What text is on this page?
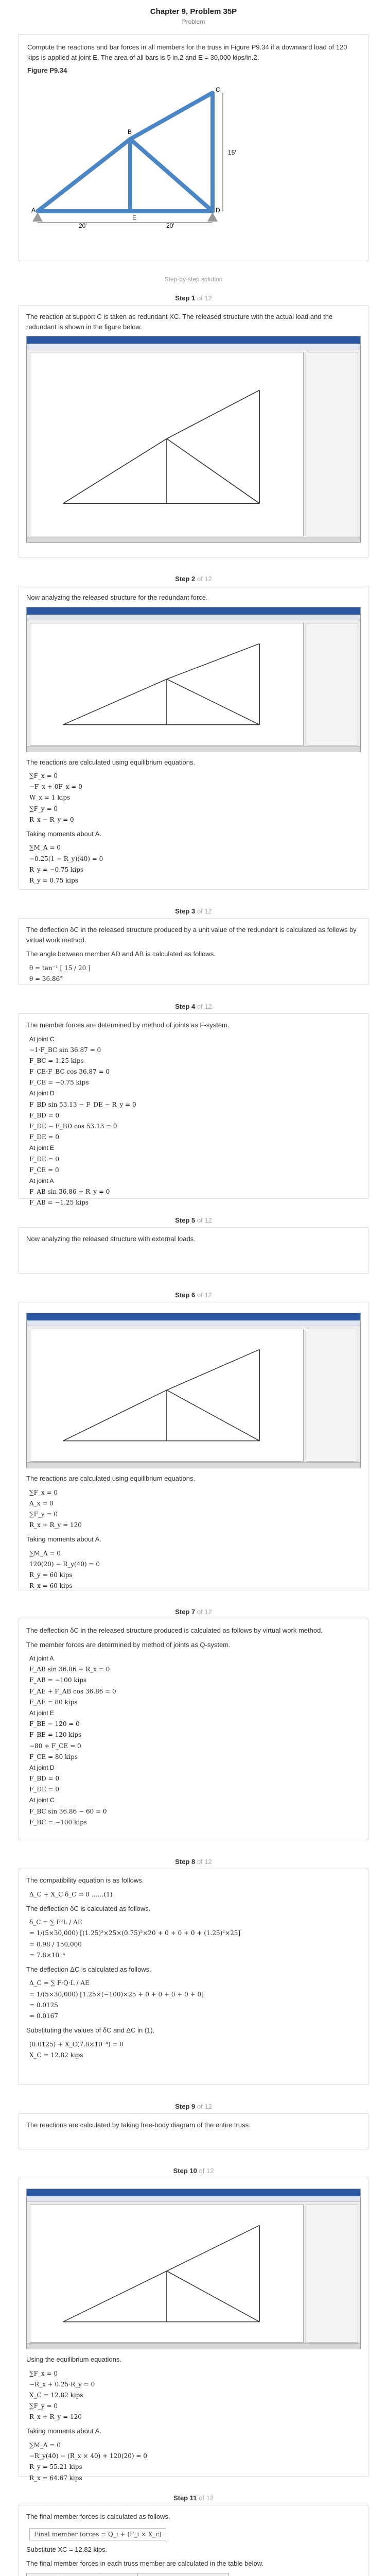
Chapter 9, Problem 35P
Problem

Compute the reactions and bar forces in all members for the truss in Figure P9.34 if a downward load of 120 kips is applied at joint E. The area of all bars is 5 in.2 and E = 30,000 kips/in.2.

Figure P9.34
B
A
C
D
E
15'
20'	20'
Step-by-step solution
Step 1 of 12

The reaction at support C is taken as redundant XC. The released structure with the actual load and the redundant is shown in the figure below.

Step 2 of 12

Now analyzing the released structure for the redundant force.

The reactions are calculated using equilibrium equations.

∑F_x = 0
−F_x + 0F_x = 0
W_x = 1 kips
∑F_y = 0
R_x − R_y = 0

Taking moments about A.

∑M_A = 0
−0.25(1 − R_y)(40) = 0
R_y = −0.75 kips
R_y = 0.75 kips
Step 3 of 12

The deflection δC in the released structure produced by a unit value of the redundant is calculated as follows by virtual work method.

The angle between member AD and AB is calculated as follows.

θ = tan⁻¹ [ 15 / 20 ]
θ = 36.86°
Step 4 of 12

The member forces are determined by method of joints as F-system.

At joint C
−1·F_BC sin 36.87 = 0
F_BC = 1.25 kips
F_CE·F_BC cos 36.87 = 0
F_CE = −0.75 kips
At joint D
F_BD sin 53.13 − F_DE − R_y = 0
F_BD = 0
F_DE − F_BD cos 53.13 = 0
F_DE = 0
At joint E
F_DE = 0
F_CE = 0
At joint A
F_AB sin 36.86 + R_y = 0
F_AB = −1.25 kips
Step 5 of 12

Now analyzing the released structure with external loads.

Step 6 of 12

The reactions are calculated using equilibrium equations.

∑F_x = 0
A_x = 0
∑F_y = 0
R_x + R_y = 120

Taking moments about A.

∑M_A = 0
120(20) − R_y(40) = 0
R_y = 60 kips
R_x = 60 kips
Step 7 of 12

The deflection δC in the released structure produced is calculated as follows by virtual work method.

The member forces are determined by method of joints as Q-system.

At joint A
F_AB sin 36.86 + R_x = 0
F_AB = −100 kips
F_AE + F_AB cos 36.86 = 0
F_AE = 80 kips
At joint E
F_BE − 120 = 0
F_BE = 120 kips
−80 + F_CE = 0
F_CE = 80 kips
At joint D
F_BD = 0
F_DE = 0
At joint C
F_BC sin 36.86 − 60 = 0
F_BC = −100 kips
Step 8 of 12

The compatibility equation is as follows.

Δ_C + X_C δ_C = 0 ……(1)

The deflection δC is calculated as follows.

δ_C = ∑ F²L / AE
= 1/(5×30,000) [(1.25)²×25×(0.75)²×20 + 0 + 0 + 0 + (1.25)²×25]
= 0.98 / 150,000
= 7.8×10⁻⁴

The deflection ΔC is calculated as follows.

Δ_C = ∑ F·Q·L / AE
= 1/(5×30,000) [1.25×(−100)×25 + 0 + 0 + 0 + 0 + 0]
= 0.0125
= 0.0167

Substituting the values of δC and ΔC in (1).

(0.0125) + X_C(7.8×10⁻⁴) = 0
X_C = 12.82 kips
Step 9 of 12

The reactions are calculated by taking free-body diagram of the entire truss.

Step 10 of 12

Using the equilibrium equations.

∑F_x = 0
−R_x + 0.25·R_y = 0
X_C = 12.82 kips
∑F_y = 0
R_x + R_y = 120

Taking moments about A.

∑M_A = 0
−R_y(40) − (R_x × 40) + 120(20) = 0
R_y = 55.21 kips
R_x = 64.67 kips
Step 11 of 12

The final member forces is calculated as follows.

Final member forces = Q_i + (F_i × X_c)

Substitute XC = 12.82 kips.

The final member forces in each truss member are calculated in the table below.
